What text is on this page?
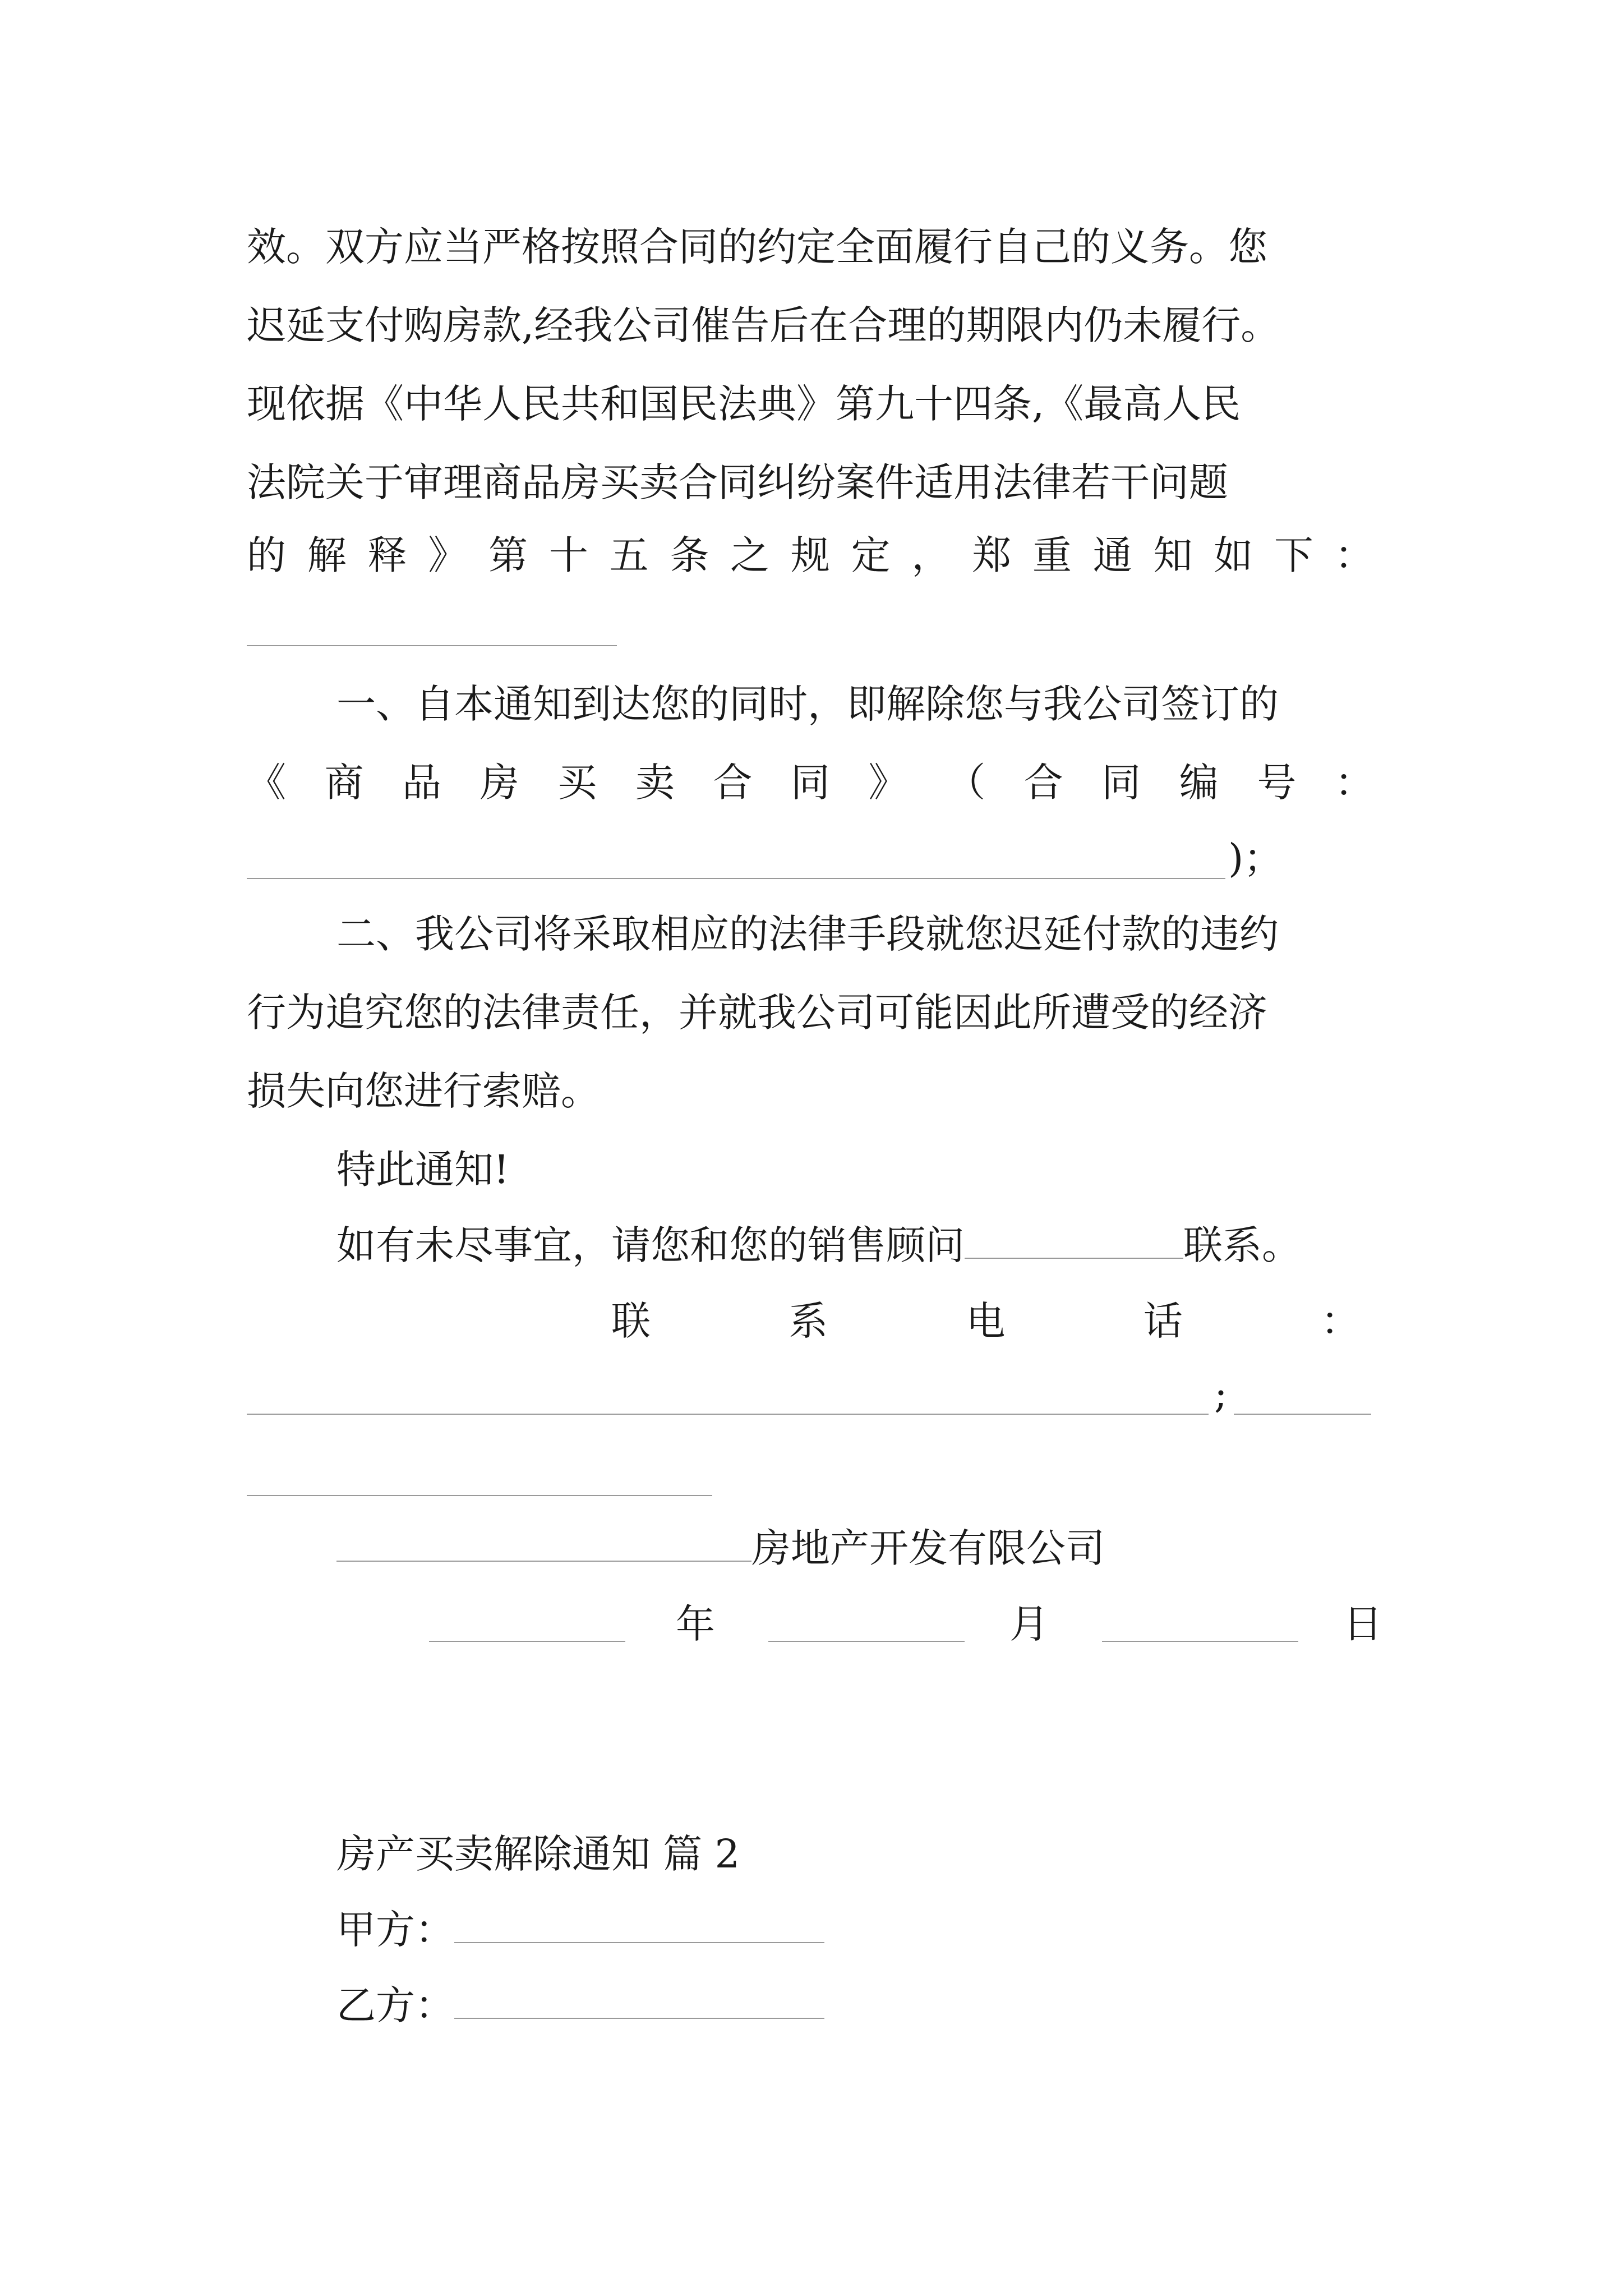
效。双方应当严格按照合同的约定全面履行自己的义务。您
迟延支付购房款,经我公司催告后在合理的期限内仍未履行。
现依据《中华人民共和国民法典》第九十四条,《最高人民
法院关于审理商品房买卖合同纠纷案件适用法律若干问题
的 解 释 》 第 十 五 条 之 规 定 ， 郑 重 通 知 如 下 ：
一、自本通知到达您的同时，即解除您与我公司签订的
《 商 品 房 买 卖 合 同 》 （ 合 同 编 号 ：
)；
二、我公司将采取相应的法律手段就您迟延付款的违约
行为追究您的法律责任，并就我公司可能因此所遭受的经济
损失向您进行索赔。
特此通知!
如有未尽事宜，请您和您的销售顾问	联系。
联	系	电	话	：
;
房地产开发有限公司
年	月	日
房产买卖解除通知 篇 2
甲方：
乙方：
